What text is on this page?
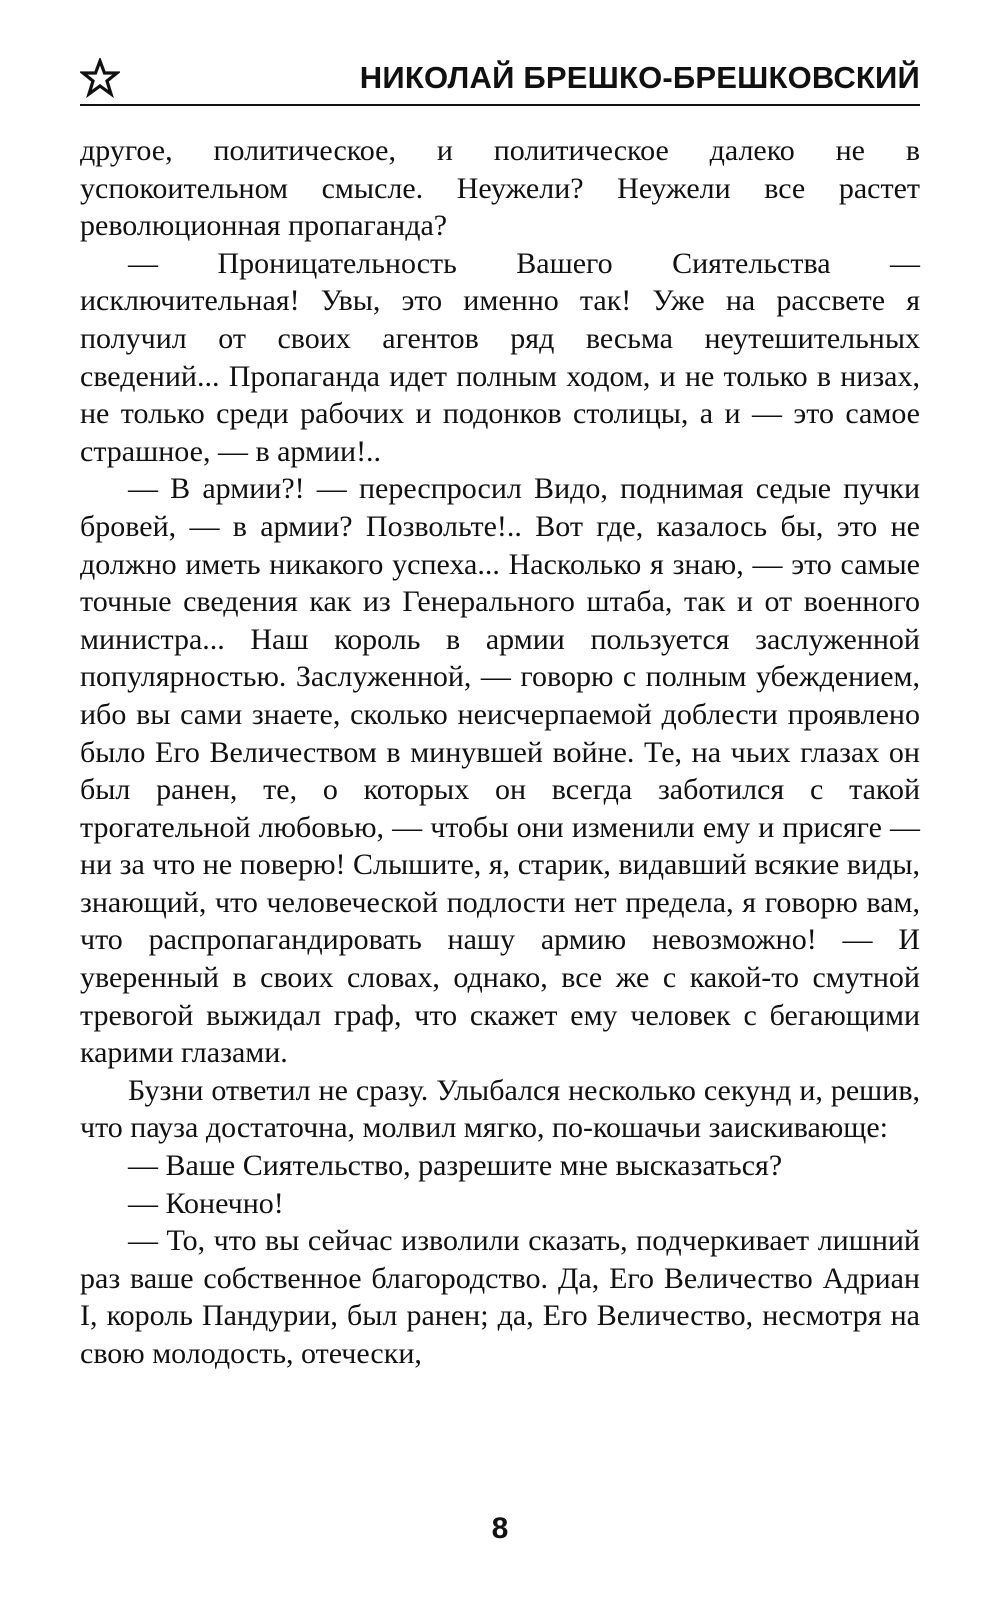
НИКОЛАЙ БРЕШКО-БРЕШКОВСКИЙ

другое, политическое, и политическое далеко не в успокоительном смысле. Неужели? Неужели все растет революционная пропаганда?

— Проницательность Вашего Сиятельства — исключительная! Увы, это именно так! Уже на рассвете я получил от своих агентов ряд весьма неутешительных сведений... Пропаганда идет полным ходом, и не только в низах, не только среди рабочих и подонков столицы, а и — это самое страшное, — в армии!..

— В армии?! — переспросил Видо, поднимая седые пучки бровей, — в армии? Позвольте!.. Вот где, казалось бы, это не должно иметь никакого успеха... Насколько я знаю, — это самые точные сведения как из Генерального штаба, так и от военного министра... Наш король в армии пользуется заслуженной популярностью. Заслуженной, — говорю с полным убеждением, ибо вы сами знаете, сколько неисчерпаемой доблести проявлено было Его Величеством в минувшей войне. Те, на чьих глазах он был ранен, те, о которых он всегда заботился с такой трогательной любовью, — чтобы они изменили ему и присяге — ни за что не поверю! Слышите, я, старик, видавший всякие виды, знающий, что человеческой подлости нет предела, я говорю вам, что распропагандировать нашу армию невозможно! — И уверенный в своих словах, однако, все же с какой-то смутной тревогой выжидал граф, что скажет ему человек с бегающими карими глазами.

Бузни ответил не сразу. Улыбался несколько секунд и, решив, что пауза достаточна, молвил мягко, по-кошачьи заискивающе:

— Ваше Сиятельство, разрешите мне высказаться?

— Конечно!

— То, что вы сейчас изволили сказать, подчеркивает лишний раз ваше собственное благородство. Да, Его Величество Адриан I, король Пандурии, был ранен; да, Его Величество, несмотря на свою молодость, отечески,

8
